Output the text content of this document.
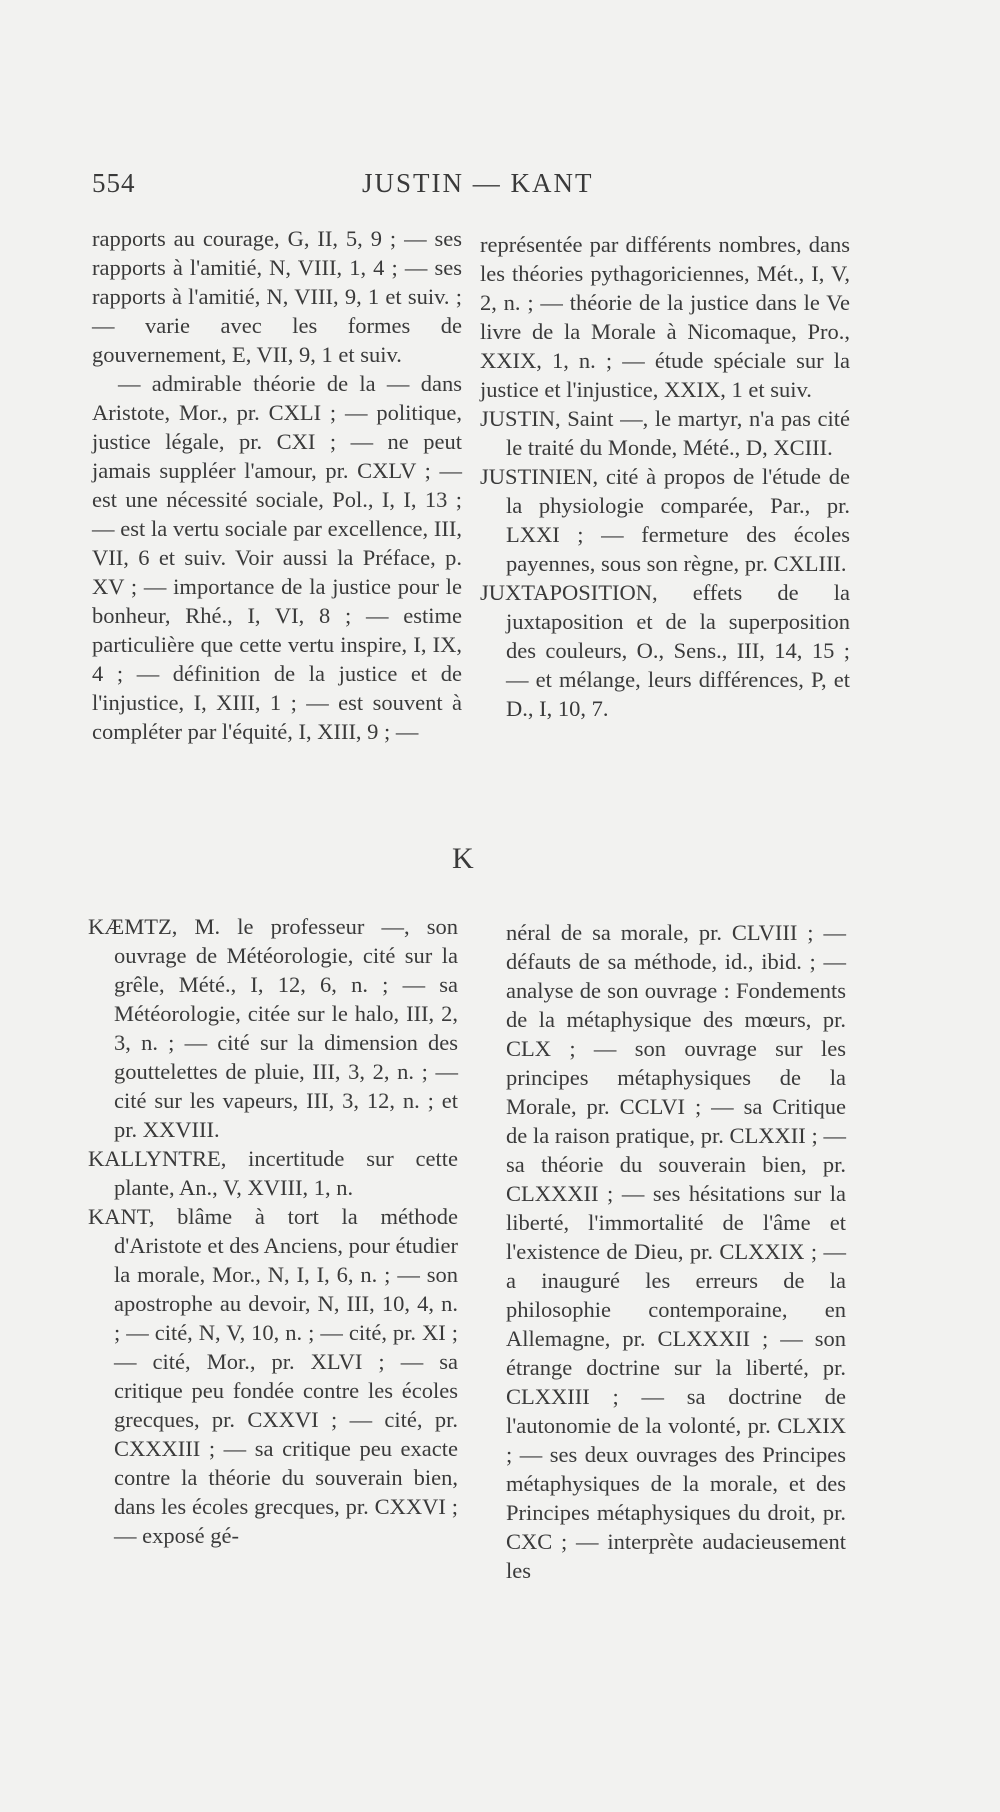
554	JUSTIN — KANT

rapports au courage, G, II, 5, 9 ; — ses rapports à l'amitié, N, VIII, 1, 4 ; — ses rapports à l'amitié, N, VIII, 9, 1 et suiv. ; — varie avec les formes de gouvernement, E, VII, 9, 1 et suiv.

— admirable théorie de la — dans Aristote, Mor., pr. CXLI ; — politique, justice légale, pr. CXI ; — ne peut jamais suppléer l'amour, pr. CXLV ; — est une nécessité sociale, Pol., I, I, 13 ; — est la vertu sociale par excellence, III, VII, 6 et suiv. Voir aussi la Préface, p. XV ; — importance de la justice pour le bonheur, Rhé., I, VI, 8 ; — estime particulière que cette vertu inspire, I, IX, 4 ; — définition de la justice et de l'injustice, I, XIII, 1 ; — est souvent à compléter par l'équité, I, XIII, 9 ; —

représentée par différents nombres, dans les théories pythagoriciennes, Mét., I, V, 2, n. ; — théorie de la justice dans le Ve livre de la Morale à Nicomaque, Pro., XXIX, 1, n. ; — étude spéciale sur la justice et l'injustice, XXIX, 1 et suiv.

JUSTIN, Saint —, le martyr, n'a pas cité le traité du Monde, Mété., D, XCIII.

JUSTINIEN, cité à propos de l'étude de la physiologie comparée, Par., pr. LXXI ; — fermeture des écoles payennes, sous son règne, pr. CXLIII.

JUXTAPOSITION, effets de la juxtaposition et de la superposition des couleurs, O., Sens., III, 14, 15 ; — et mélange, leurs différences, P, et D., I, 10, 7.

K

KÆMTZ, M. le professeur —, son ouvrage de Météorologie, cité sur la grêle, Mété., I, 12, 6, n. ; — sa Météorologie, citée sur le halo, III, 2, 3, n. ; — cité sur la dimension des gouttelettes de pluie, III, 3, 2, n. ; — cité sur les vapeurs, III, 3, 12, n. ; et pr. XXVIII.

KALLYNTRE, incertitude sur cette plante, An., V, XVIII, 1, n.

KANT, blâme à tort la méthode d'Aristote et des Anciens, pour étudier la morale, Mor., N, I, I, 6, n. ; — son apostrophe au devoir, N, III, 10, 4, n. ; — cité, N, V, 10, n. ; — cité, pr. XI ; — cité, Mor., pr. XLVI ; — sa critique peu fondée contre les écoles grecques, pr. CXXVI ; — cité, pr. CXXXIII ; — sa critique peu exacte contre la théorie du souverain bien, dans les écoles grecques, pr. CXXVI ; — exposé gé-

néral de sa morale, pr. CLVIII ; — défauts de sa méthode, id., ibid. ; — analyse de son ouvrage : Fondements de la métaphysique des mœurs, pr. CLX ; — son ouvrage sur les principes métaphysiques de la Morale, pr. CCLVI ; — sa Critique de la raison pratique, pr. CLXXII ; — sa théorie du souverain bien, pr. CLXXXII ; — ses hésitations sur la liberté, l'immortalité de l'âme et l'existence de Dieu, pr. CLXXIX ; — a inauguré les erreurs de la philosophie contemporaine, en Allemagne, pr. CLXXXII ; — son étrange doctrine sur la liberté, pr. CLXXIII ; — sa doctrine de l'autonomie de la volonté, pr. CLXIX ; — ses deux ouvrages des Principes métaphysiques de la morale, et des Principes métaphysiques du droit, pr. CXC ; — interprète audacieusement les
